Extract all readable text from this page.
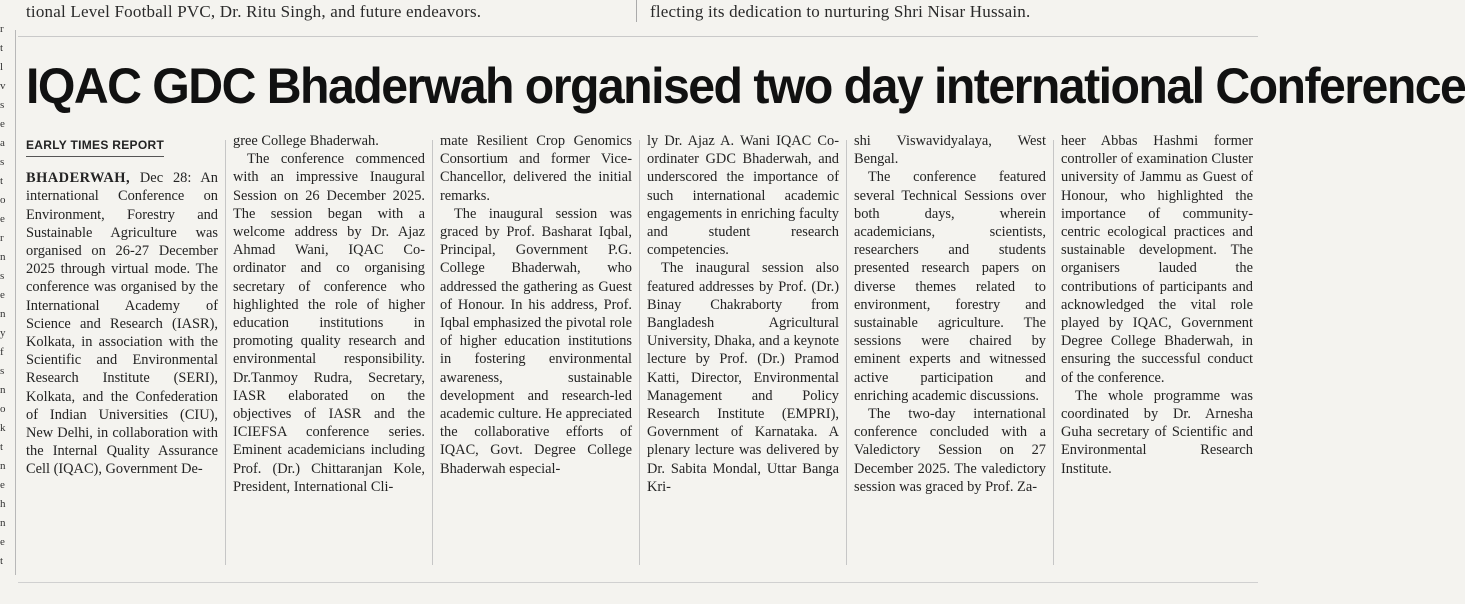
tional Level Football PVC, Dr. Ritu Singh, and future endeavors.	flecting its dedication to nurturing Shri Nisar Hussain.
r
t
l
v
s
e
a
s
t
o
e
r
n
s
e
n
y
f
s
n
o
k
t
n
e
h
n
e
t
IQAC GDC Bhaderwah organised two day international Conference
EARLY TIMES REPORT

BHADERWAH, Dec 28: An international Conference on Environment, Forestry and Sustainable Agriculture was organised on 26-27 December 2025 through virtual mode. The conference was organised by the International Academy of Science and Research (IASR), Kolkata, in association with the Scientific and Environmental Research Institute (SERI), Kolkata, and the Confederation of Indian Universities (CIU), New Delhi, in collaboration with the Internal Quality Assurance Cell (IQAC), Government De-

gree College Bhaderwah.

The conference commenced with an impressive Inaugural Session on 26 December 2025. The session began with a welcome address by Dr. Ajaz Ahmad Wani, IQAC Co-ordinator and co organising secretary of conference who highlighted the role of higher education institutions in promoting quality research and environmental responsibility. Dr.Tanmoy Rudra, Secretary, IASR elaborated on the objectives of IASR and the ICIEFSA conference series. Eminent academicians including Prof. (Dr.) Chittaranjan Kole, President, International Cli-

mate Resilient Crop Genomics Consortium and former Vice-Chancellor, delivered the initial remarks.

The inaugural session was graced by Prof. Basharat Iqbal, Principal, Government P.G. College Bhaderwah, who addressed the gathering as Guest of Honour. In his address, Prof. Iqbal emphasized the pivotal role of higher education institutions in fostering environmental awareness, sustainable development and research-led academic culture. He appreciated the collaborative efforts of IQAC, Govt. Degree College Bhaderwah especial-

ly Dr. Ajaz A. Wani IQAC Co-ordinater GDC Bhaderwah, and underscored the importance of such international academic engagements in enriching faculty and student research competencies.

The inaugural session also featured addresses by Prof. (Dr.) Binay Chakraborty from Bangladesh Agricultural University, Dhaka, and a keynote lecture by Prof. (Dr.) Pramod Katti, Director, Environmental Management and Policy Research Institute (EMPRI), Government of Karnataka. A plenary lecture was delivered by Dr. Sabita Mondal, Uttar Banga Kri-

shi Viswavidyalaya, West Bengal.

The conference featured several Technical Sessions over both days, wherein academicians, scientists, researchers and students presented research papers on diverse themes related to environment, forestry and sustainable agriculture. The sessions were chaired by eminent experts and witnessed active participation and enriching academic discussions.

The two-day international conference concluded with a Valedictory Session on 27 December 2025. The valedictory session was graced by Prof. Za-

heer Abbas Hashmi former controller of examination Cluster university of Jammu as Guest of Honour, who highlighted the importance of community-centric ecological practices and sustainable development. The organisers lauded the contributions of participants and acknowledged the vital role played by IQAC, Government Degree College Bhaderwah, in ensuring the successful conduct of the conference.

The whole programme was coordinated by Dr. Arnesha Guha secretary of Scientific and Environmental Research Institute.
